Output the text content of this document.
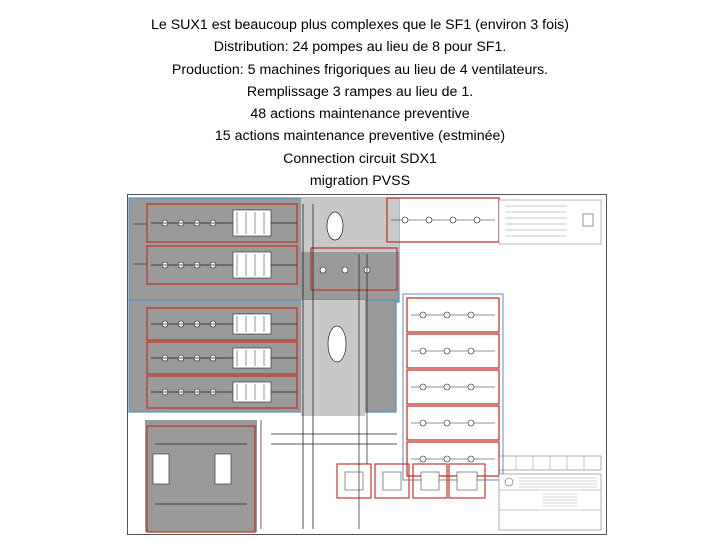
Le SUX1 est beaucoup plus complexes que le SF1 (environ 3 fois)
Distribution: 24 pompes au lieu de 8 pour SF1.
Production: 5 machines frigoriques au lieu de 4 ventilateurs.
Remplissage 3 rampes au lieu de 1.
48 actions maintenance preventive
15 actions maintenance preventive (estminée)
Connection circuit SDX1
migration PVSS
